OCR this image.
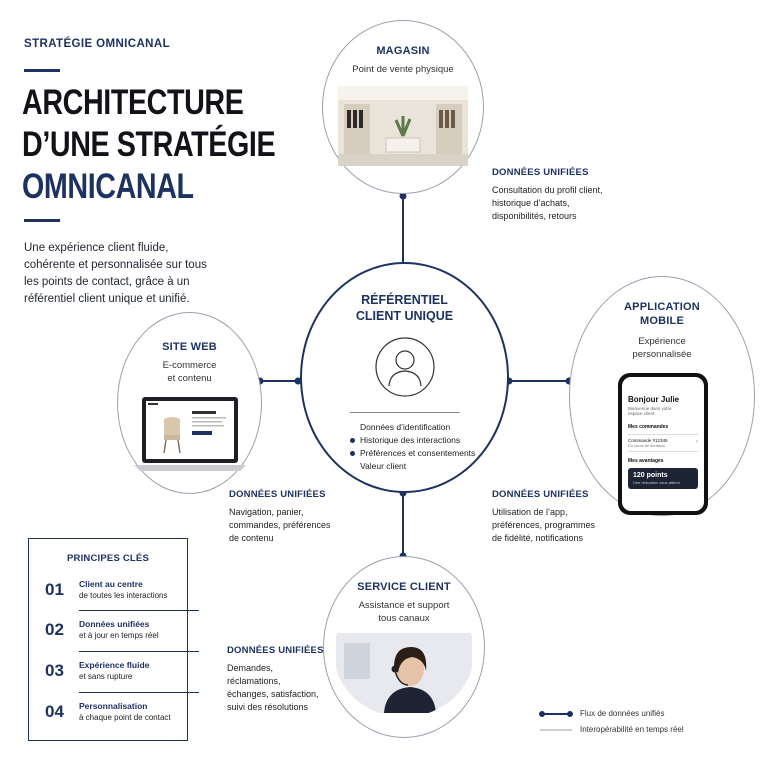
STRATÉGIE OMNICANAL
ARCHITECTURE
D’UNE STRATÉGIE
OMNICANAL
Une expérience client fluide, cohérente et personnalisée sur tous les points de contact, grâce à un référentiel client unique et unifié.
MAGASIN
Point de vente physique
SITE WEB
E-commerce
et contenu
APPLICATION
MOBILE
Expérience
personnalisée
Bonjour Julie
Bienvenue dans votre
espace client
Mes commandes
Commande #12345
En cours de livraison
›
Mes avantages
120 points
Une réduction vous attend
SERVICE CLIENT
Assistance et support
tous canaux
RÉFÉRENTIEL
CLIENT UNIQUE
Données d’identification
Historique des interactions
Préférences et consentements
Valeur client
DONNÉES UNIFIÉES
Consultation du profil client,
historique d’achats,
disponibilités, retours
DONNÉES UNIFIÉES
Navigation, panier,
commandes, préférences
de contenu
DONNÉES UNIFIÉES
Utilisation de l’app,
préférences, programmes
de fidélité, notifications
DONNÉES UNIFIÉES
Demandes, réclamations,
échanges, satisfaction,
suivi des résolutions
PRINCIPES CLÉS
01	Client au centre
de toutes les interactions
02	Données unifiées
et à jour en temps réel
03	Expérience fluide
et sans rupture
04	Personnalisation
à chaque point de contact	Flux de données unifiés
Interopérabilité en temps réel
